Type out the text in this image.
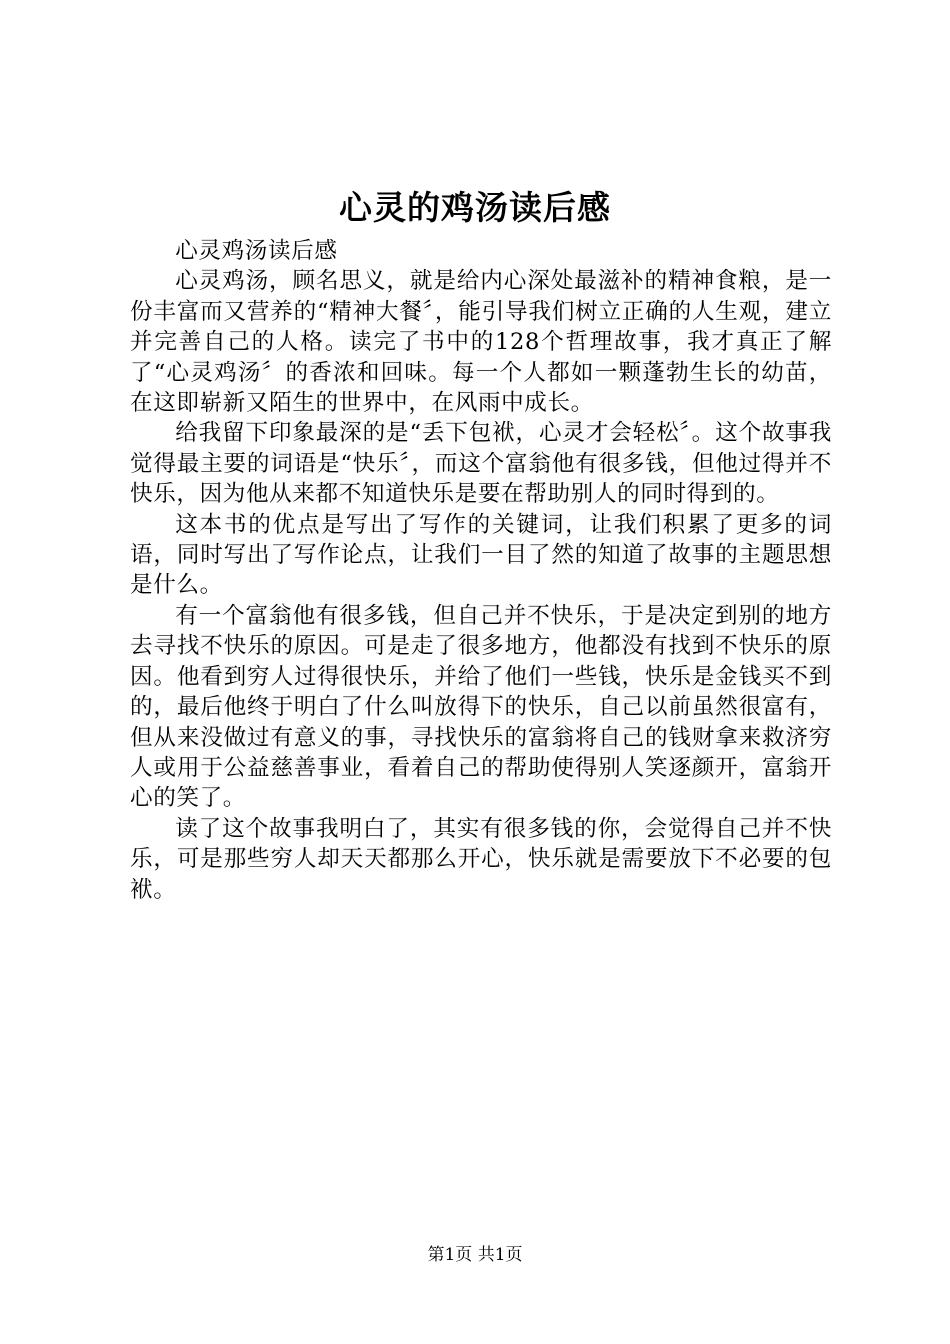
心灵的鸡汤读后感

心灵鸡汤读后感

心灵鸡汤，顾名思义，就是给内心深处最滋补的精神食粮，是一份丰富而又营养的“精神大餐〞，能引导我们树立正确的人生观，建立并完善自己的人格。读完了书中的128个哲理故事，我才真正了解了“心灵鸡汤〞的香浓和回味。每一个人都如一颗蓬勃生长的幼苗，在这即崭新又陌生的世界中，在风雨中成长。

给我留下印象最深的是“丢下包袱，心灵才会轻松〞。这个故事我觉得最主要的词语是“快乐〞，而这个富翁他有很多钱，但他过得并不快乐，因为他从来都不知道快乐是要在帮助别人的同时得到的。

这本书的优点是写出了写作的关键词，让我们积累了更多的词语，同时写出了写作论点，让我们一目了然的知道了故事的主题思想是什么。

有一个富翁他有很多钱，但自己并不快乐，于是决定到别的地方去寻找不快乐的原因。可是走了很多地方，他都没有找到不快乐的原因。他看到穷人过得很快乐，并给了他们一些钱，快乐是金钱买不到的，最后他终于明白了什么叫放得下的快乐，自己以前虽然很富有，但从来没做过有意义的事，寻找快乐的富翁将自己的钱财拿来救济穷人或用于公益慈善事业，看着自己的帮助使得别人笑逐颜开，富翁开心的笑了。

读了这个故事我明白了，其实有很多钱的你，会觉得自己并不快乐，可是那些穷人却天天都那么开心，快乐就是需要放下不必要的包袱。

第1页 共1页
